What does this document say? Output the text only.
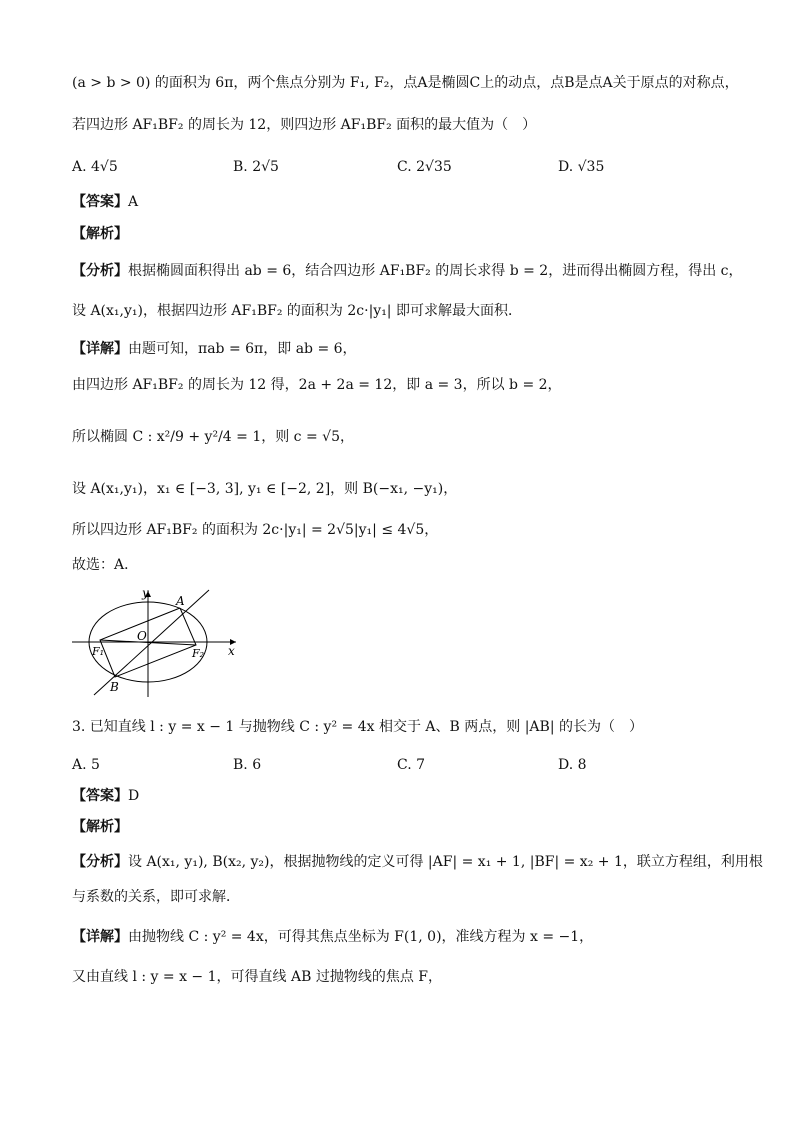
(a > b > 0) 的面积为 6π，两个焦点分别为 F₁, F₂，点A是椭圆C上的动点，点B是点A关于原点的对称点，
若四边形 AF₁BF₂ 的周长为 12，则四边形 AF₁BF₂ 面积的最大值为（　）
A. 4√5	B. 2√5	C. 2√35	D. √35
【答案】A
【解析】
【分析】根据椭圆面积得出 ab = 6，结合四边形 AF₁BF₂ 的周长求得 b = 2，进而得出椭圆方程，得出 c，
设 A(x₁,y₁)，根据四边形 AF₁BF₂ 的面积为 2c·|y₁| 即可求解最大面积．
【详解】由题可知，πab = 6π，即 ab = 6，
由四边形 AF₁BF₂ 的周长为 12 得，2a + 2a = 12，即 a = 3，所以 b = 2，
所以椭圆 C : x²/9 + y²/4 = 1，则 c = √5，
设 A(x₁,y₁)，x₁ ∈ [−3, 3], y₁ ∈ [−2, 2]，则 B(−x₁, −y₁)，
所以四边形 AF₁BF₂ 的面积为 2c·|y₁| = 2√5|y₁| ≤ 4√5，
故选：A．
y
x
A
O
F₁	F₂
B
3. 已知直线 l : y = x − 1 与抛物线 C : y² = 4x 相交于 A、B 两点，则 |AB| 的长为（　）
A. 5	B. 6	C. 7	D. 8
【答案】D
【解析】
【分析】设 A(x₁, y₁), B(x₂, y₂)，根据抛物线的定义可得 |AF| = x₁ + 1, |BF| = x₂ + 1，联立方程组，利用根
与系数的关系，即可求解．
【详解】由抛物线 C : y² = 4x，可得其焦点坐标为 F(1, 0)，准线方程为 x = −1，
又由直线 l : y = x − 1，可得直线 AB 过抛物线的焦点 F，
